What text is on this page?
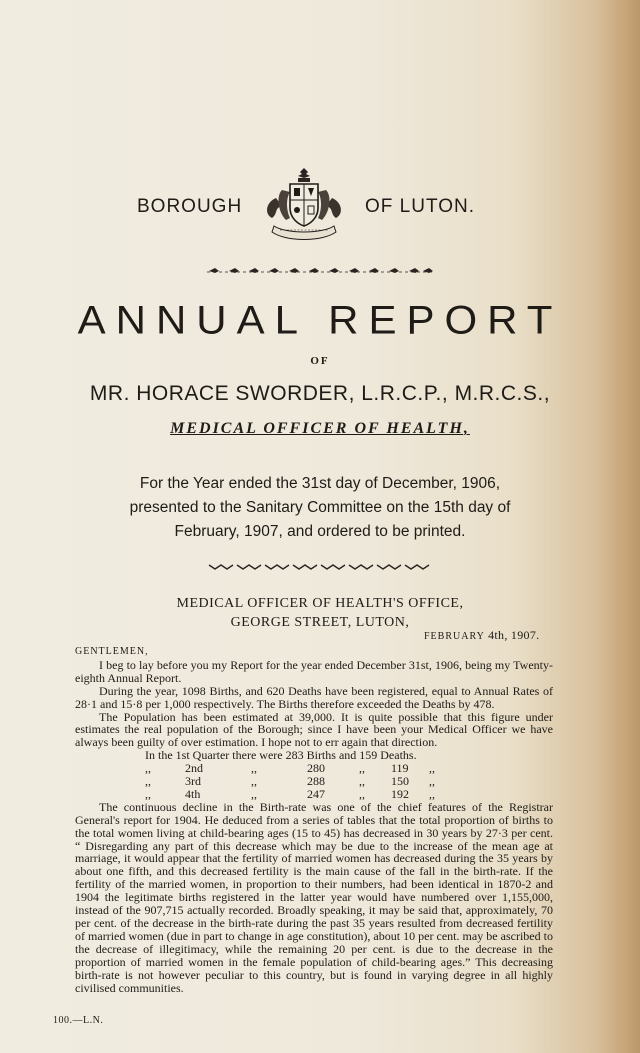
BOROUGH	OF LUTON.
ANNUAL REPORT
OF
MR. HORACE SWORDER, L.R.C.P., M.R.C.S.,
MEDICAL OFFICER OF HEALTH,
For the Year ended the 31st day of December, 1906,
presented to the Sanitary Committee on the 15th day of
February, 1907, and ordered to be printed.
MEDICAL OFFICER OF HEALTH'S OFFICE,
GEORGE STREET, LUTON,
FEBRUARY 4th, 1907.

GENTLEMEN,

I beg to lay before you my Report for the year ended December 31st, 1906, being my Twenty-eighth Annual Report.

During the year, 1098 Births, and 620 Deaths have been registered, equal to Annual Rates of 28·1 and 15·8 per 1,000 respectively. The Births therefore exceeded the Deaths by 478.

The Population has been estimated at 39,000. It is quite possible that this figure under estimates the real population of the Borough; since I have been your Medical Officer we have always been guilty of over estimation. I hope not to err again that direction.

In the 1st Quarter there were 283 Births and 159 Deaths.

,,	2nd	,,	280	,, 119 ,,
,,	3rd	,,	288	,, 150 ,,
,,	4th	,,	247	,, 192 ,,

The continuous decline in the Birth-rate was one of the chief features of the Registrar General's report for 1904. He deduced from a series of tables that the total proportion of births to the total women living at child-bearing ages (15 to 45) has decreased in 30 years by 27·3 per cent. “ Disregarding any part of this decrease which may be due to the increase of the mean age at marriage, it would appear that the fertility of married women has decreased during the 35 years by about one fifth, and this decreased fertility is the main cause of the fall in the birth-rate. If the fertility of the married women, in proportion to their numbers, had been identical in 1870-2 and 1904 the legitimate births registered in the latter year would have numbered over 1,155,000, instead of the 907,715 actually recorded. Broadly speaking, it may be said that, approximately, 70 per cent. of the decrease in the birth-rate during the past 35 years resulted from decreased fertility of married women (due in part to change in age constitution), about 10 per cent. may be ascribed to the decrease of illegitimacy, while the remaining 20 per cent. is due to the decrease in the proportion of married women in the female population of child-bearing ages.” This decreasing birth-rate is not however peculiar to this country, but is found in varying degree in all highly civilised communities.

100.—L.N.
